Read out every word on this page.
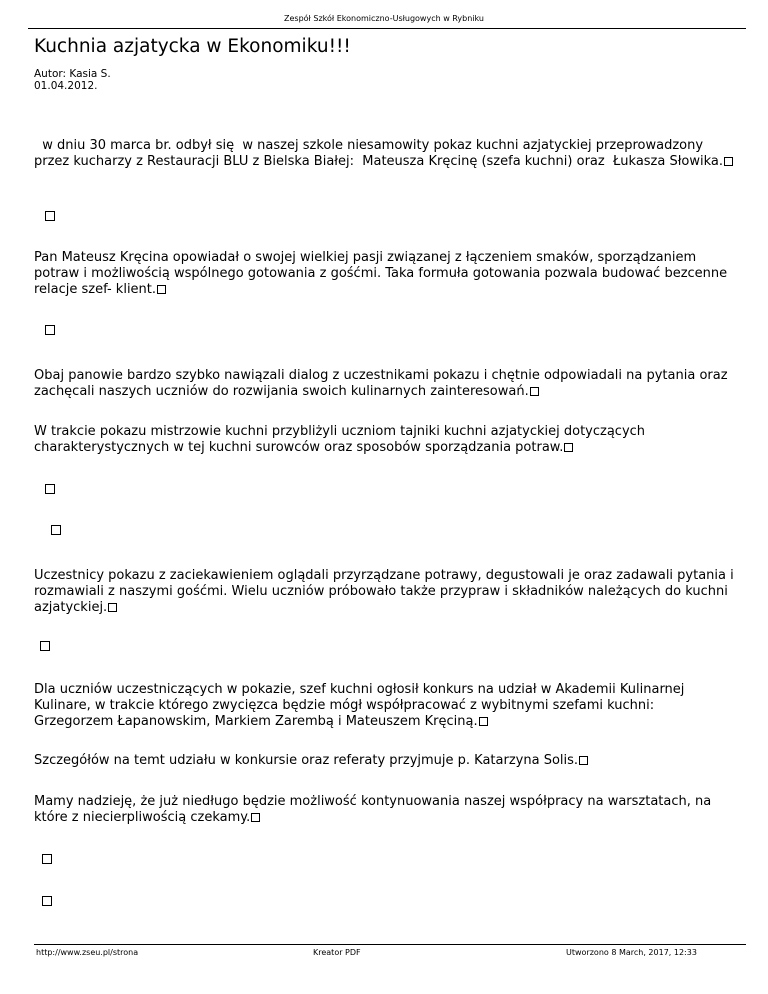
Zespół Szkół Ekonomiczno-Usługowych w Rybniku
Kuchnia azjatycka w Ekonomiku!!!
Autor: Kasia S.
01.04.2012.
w dniu 30 marca br. odbył się  w naszej szkole niesamowity pokaz kuchni azjatyckiej przeprowadzony przez kucharzy z Restauracji BLU z Bielska Białej:  Mateusza Kręcinę (szefa kuchni) oraz  Łukasza Słowika.
Pan Mateusz Kręcina opowiadał o swojej wielkiej pasji związanej z łączeniem smaków, sporządzaniem potraw i możliwością wspólnego gotowania z gośćmi. Taka formuła gotowania pozwala budować bezcenne relacje szef- klient.
Obaj panowie bardzo szybko nawiązali dialog z uczestnikami pokazu i chętnie odpowiadali na pytania oraz zachęcali naszych uczniów do rozwijania swoich kulinarnych zainteresowań.
W trakcie pokazu mistrzowie kuchni przybliżyli uczniom tajniki kuchni azjatyckiej dotyczących charakterystycznych w tej kuchni surowców oraz sposobów sporządzania potraw.
Uczestnicy pokazu z zaciekawieniem oglądali przyrządzane potrawy, degustowali je oraz zadawali pytania i rozmawiali z naszymi gośćmi. Wielu uczniów próbowało także przypraw i składników należących do kuchni azjatyckiej.
Dla uczniów uczestniczących w pokazie, szef kuchni ogłosił konkurs na udział w Akademii Kulinarnej Kulinare, w trakcie którego zwycięzca będzie mógł współpracować z wybitnymi szefami kuchni: Grzegorzem Łapanowskim, Markiem Zarembą i Mateuszem Kręciną.
Szczegółów na temt udziału w konkursie oraz referaty przyjmuje p. Katarzyna Solis.
Mamy nadzieję, że już niedługo będzie możliwość kontynuowania naszej współpracy na warsztatach, na które z niecierpliwością czekamy.
http://www.zseu.pl/strona	Kreator PDF	Utworzono 8 March, 2017, 12:33
